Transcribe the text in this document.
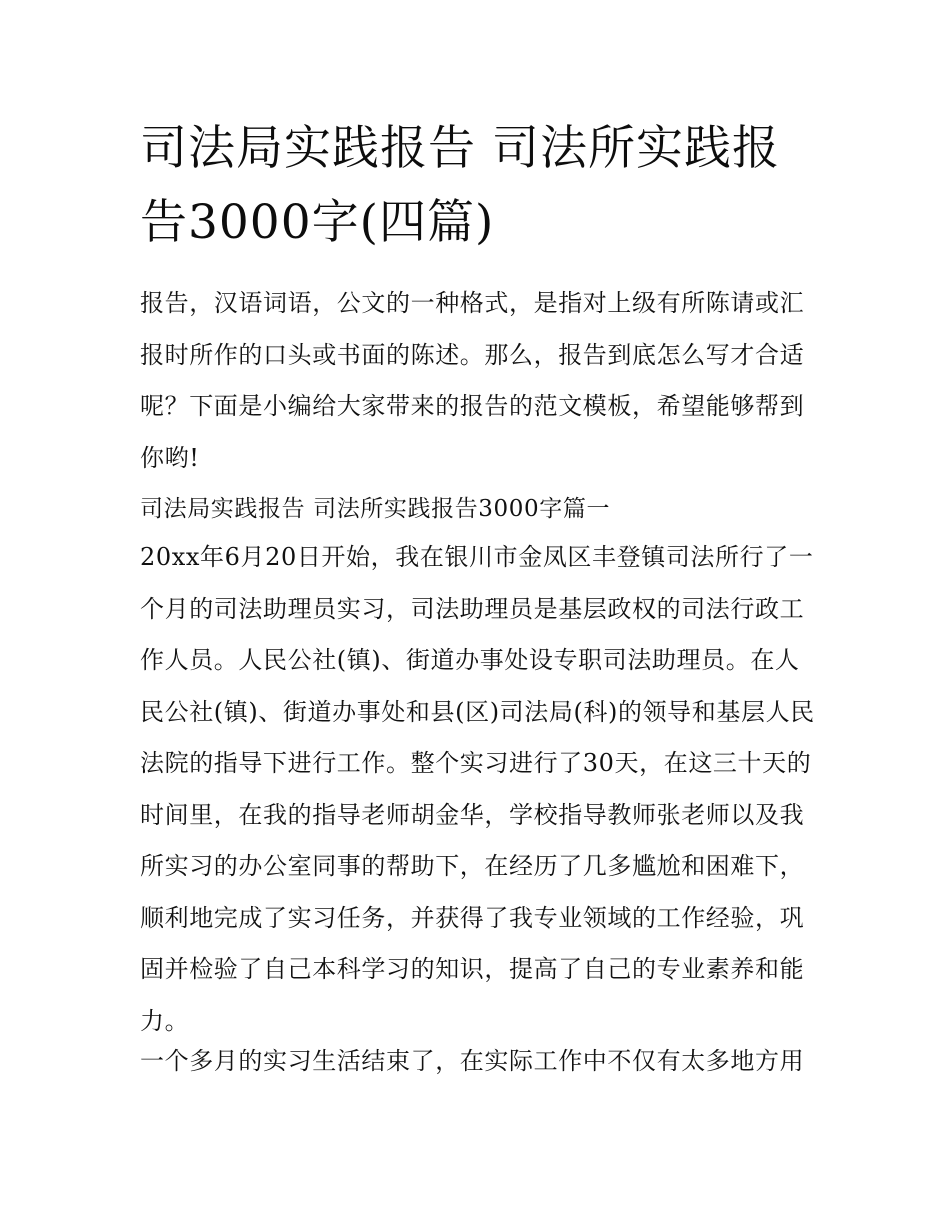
司法局实践报告 司法所实践报告3000字(四篇)

报告，汉语词语，公文的一种格式，是指对上级有所陈请或汇报时所作的口头或书面的陈述。那么，报告到底怎么写才合适呢？下面是小编给大家带来的报告的范文模板，希望能够帮到你哟!

司法局实践报告 司法所实践报告3000字篇一

20xx年6月20日开始，我在银川市金凤区丰登镇司法所行了一个月的司法助理员实习，司法助理员是基层政权的司法行政工作人员。人民公社(镇)、街道办事处设专职司法助理员。在人民公社(镇)、街道办事处和县(区)司法局(科)的领导和基层人民法院的指导下进行工作。整个实习进行了30天，在这三十天的时间里，在我的指导老师胡金华，学校指导教师张老师以及我所实习的办公室同事的帮助下，在经历了几多尴尬和困难下，顺利地完成了实习任务，并获得了我专业领域的工作经验，巩固并检验了自己本科学习的知识，提高了自己的专业素养和能力。

一个多月的实习生活结束了，在实际工作中不仅有太多地方用
